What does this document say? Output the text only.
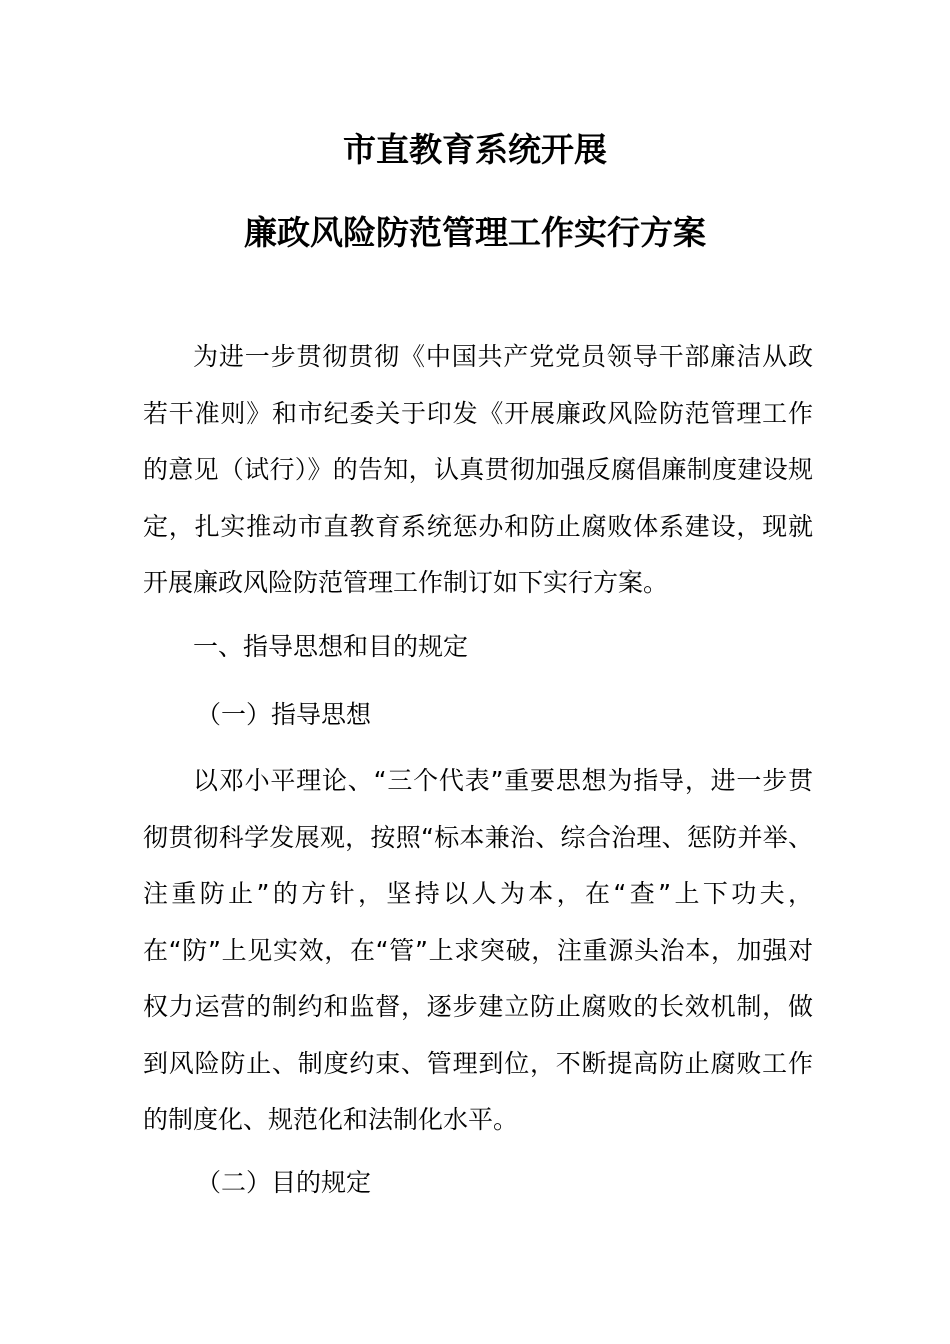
市直教育系统开展
廉政风险防范管理工作实行方案
为进一步贯彻贯彻《中国共产党党员领导干部廉洁从政若干准则》和市纪委关于印发《开展廉政风险防范管理工作的意见（试行）》的告知，认真贯彻加强反腐倡廉制度建设规定，扎实推动市直教育系统惩办和防止腐败体系建设，现就开展廉政风险防范管理工作制订如下实行方案。
一、指导思想和目的规定
（一）指导思想
以邓小平理论、“三个代表”重要思想为指导，进一步贯彻贯彻科学发展观，按照“标本兼治、综合治理、惩防并举、注重防止”的方针，坚持以人为本，在“查”上下功夫，在“防”上见实效，在“管”上求突破，注重源头治本，加强对权力运营的制约和监督，逐步建立防止腐败的长效机制，做到风险防止、制度约束、管理到位，不断提高防止腐败工作的制度化、规范化和法制化水平。
（二）目的规定
